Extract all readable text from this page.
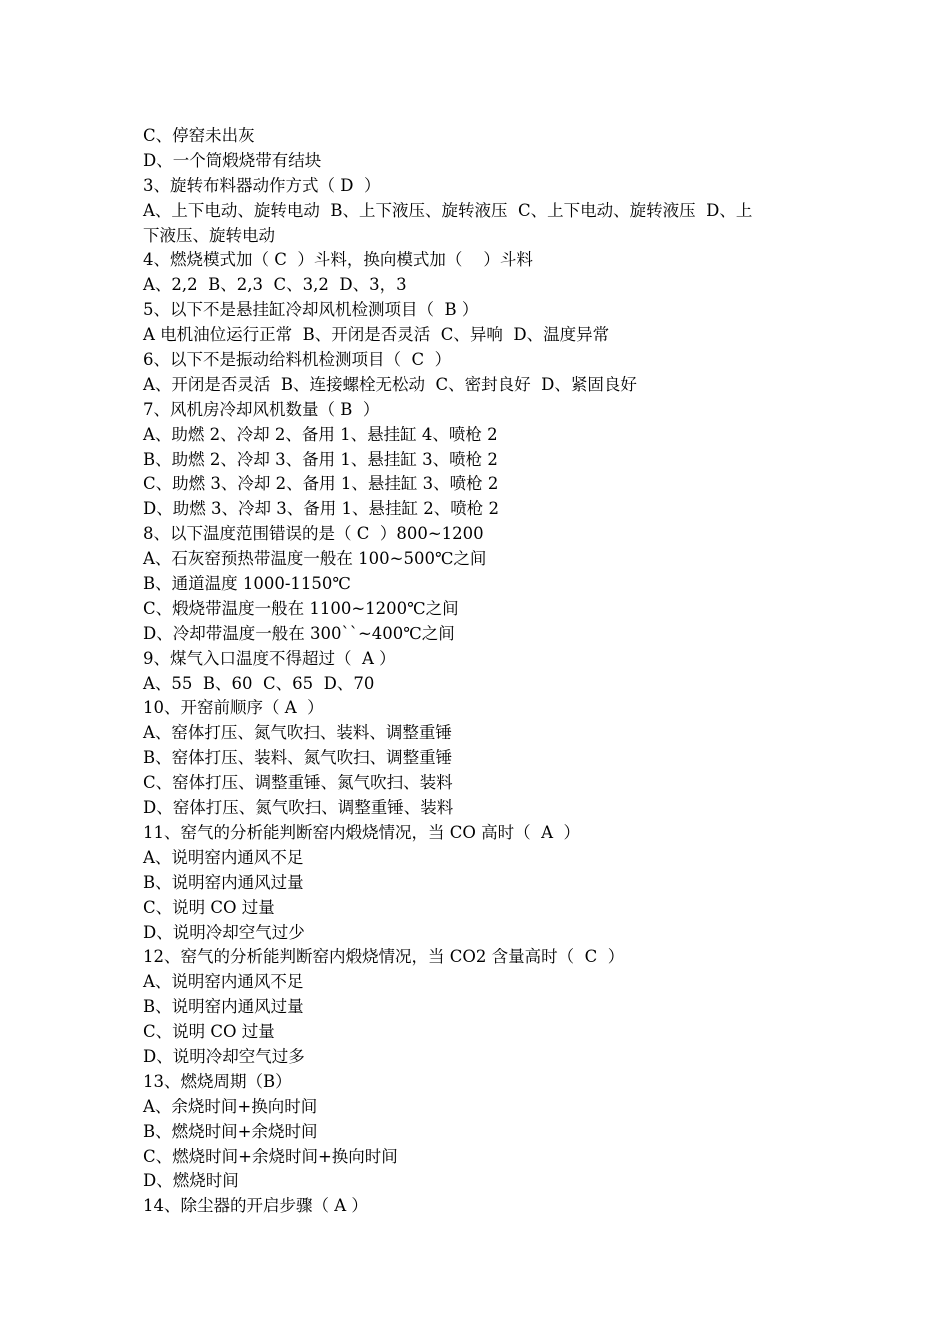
C、停窑未出灰
D、一个筒煅烧带有结块
3、旋转布料器动作方式（ D  ）
A、上下电动、旋转电动  B、上下液压、旋转液压  C、上下电动、旋转液压  D、上
下液压、旋转电动
4、燃烧模式加（ C  ）斗料，换向模式加（    ）斗料
A、2,2  B、2,3  C、3,2  D、3，3
5、以下不是悬挂缸冷却风机检测项目（  B ）
A 电机油位运行正常  B、开闭是否灵活  C、异响  D、温度异常
6、以下不是振动给料机检测项目（  C  ）
A、开闭是否灵活  B、连接螺栓无松动  C、密封良好  D、紧固良好
7、风机房冷却风机数量（ B  ）
A、助燃 2、冷却 2、备用 1、悬挂缸 4、喷枪 2
B、助燃 2、冷却 3、备用 1、悬挂缸 3、喷枪 2
C、助燃 3、冷却 2、备用 1、悬挂缸 3、喷枪 2
D、助燃 3、冷却 3、备用 1、悬挂缸 2、喷枪 2
8、以下温度范围错误的是（ C  ）800~1200
A、石灰窑预热带温度一般在 100~500℃之间
B、通道温度 1000-1150℃
C、煅烧带温度一般在 1100~1200℃之间
D、冷却带温度一般在 300``~400℃之间
9、煤气入口温度不得超过（  A ）
A、55  B、60  C、65  D、70
10、开窑前顺序（ A  ）
A、窑体打压、氮气吹扫、装料、调整重锤
B、窑体打压、装料、氮气吹扫、调整重锤
C、窑体打压、调整重锤、氮气吹扫、装料
D、窑体打压、氮气吹扫、调整重锤、装料
11、窑气的分析能判断窑内煅烧情况，当 CO 高时（  A  ）
A、说明窑内通风不足
B、说明窑内通风过量
C、说明 CO 过量
D、说明冷却空气过少
12、窑气的分析能判断窑内煅烧情况，当 CO2 含量高时（  C  ）
A、说明窑内通风不足
B、说明窑内通风过量
C、说明 CO 过量
D、说明冷却空气过多
13、燃烧周期（B）
A、余烧时间+换向时间
B、燃烧时间+余烧时间
C、燃烧时间+余烧时间+换向时间
D、燃烧时间
14、除尘器的开启步骤（ A ）
